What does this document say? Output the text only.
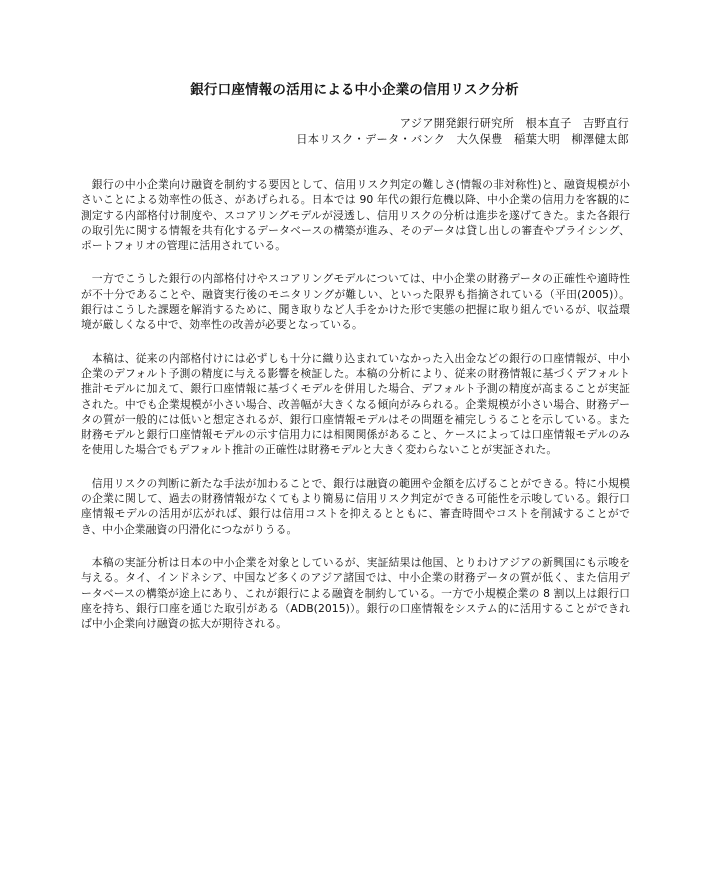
銀行口座情報の活用による中小企業の信用リスク分析
アジア開発銀行研究所　根本直子　吉野直行
日本リスク・データ・バンク　大久保豊　稲葉大明　柳澤健太郎

銀行の中小企業向け融資を制約する要因として、信用リスク判定の難しさ(情報の非対称性)と、融資規模が小さいことによる効率性の低さ、があげられる。日本では 90 年代の銀行危機以降、中小企業の信用力を客観的に測定する内部格付け制度や、スコアリングモデルが浸透し、信用リスクの分析は進歩を遂げてきた。また各銀行の取引先に関する情報を共有化するデータベースの構築が進み、そのデータは貸し出しの審査やプライシング、ポートフォリオの管理に活用されている。

一方でこうした銀行の内部格付けやスコアリングモデルについては、中小企業の財務データの正確性や適時性が不十分であることや、融資実行後のモニタリングが難しい、といった限界も指摘されている（平田(2005)）。銀行はこうした課題を解消するために、聞き取りなど人手をかけた形で実態の把握に取り組んでいるが、収益環境が厳しくなる中で、効率性の改善が必要となっている。

本稿は、従来の内部格付けには必ずしも十分に織り込まれていなかった入出金などの銀行の口座情報が、中小企業のデフォルト予測の精度に与える影響を検証した。本稿の分析により、従来の財務情報に基づくデフォルト推計モデルに加えて、銀行口座情報に基づくモデルを併用した場合、デフォルト予測の精度が高まることが実証された。中でも企業規模が小さい場合、改善幅が大きくなる傾向がみられる。企業規模が小さい場合、財務データの質が一般的には低いと想定されるが、銀行口座情報モデルはその問題を補完しうることを示している。また財務モデルと銀行口座情報モデルの示す信用力には相関関係があること、ケースによっては口座情報モデルのみを使用した場合でもデフォルト推計の正確性は財務モデルと大きく変わらないことが実証された。

信用リスクの判断に新たな手法が加わることで、銀行は融資の範囲や金額を広げることができる。特に小規模の企業に関して、過去の財務情報がなくてもより簡易に信用リスク判定ができる可能性を示唆している。銀行口座情報モデルの活用が広がれば、銀行は信用コストを抑えるとともに、審査時間やコストを削減することができ、中小企業融資の円滑化につながりうる。

本稿の実証分析は日本の中小企業を対象としているが、実証結果は他国、とりわけアジアの新興国にも示唆を与える。タイ、インドネシア、中国など多くのアジア諸国では、中小企業の財務データの質が低く、また信用データベースの構築が途上にあり、これが銀行による融資を制約している。一方で小規模企業の 8 割以上は銀行口座を持ち、銀行口座を通じた取引がある（ADB(2015)）。銀行の口座情報をシステム的に活用することができれば中小企業向け融資の拡大が期待される。
